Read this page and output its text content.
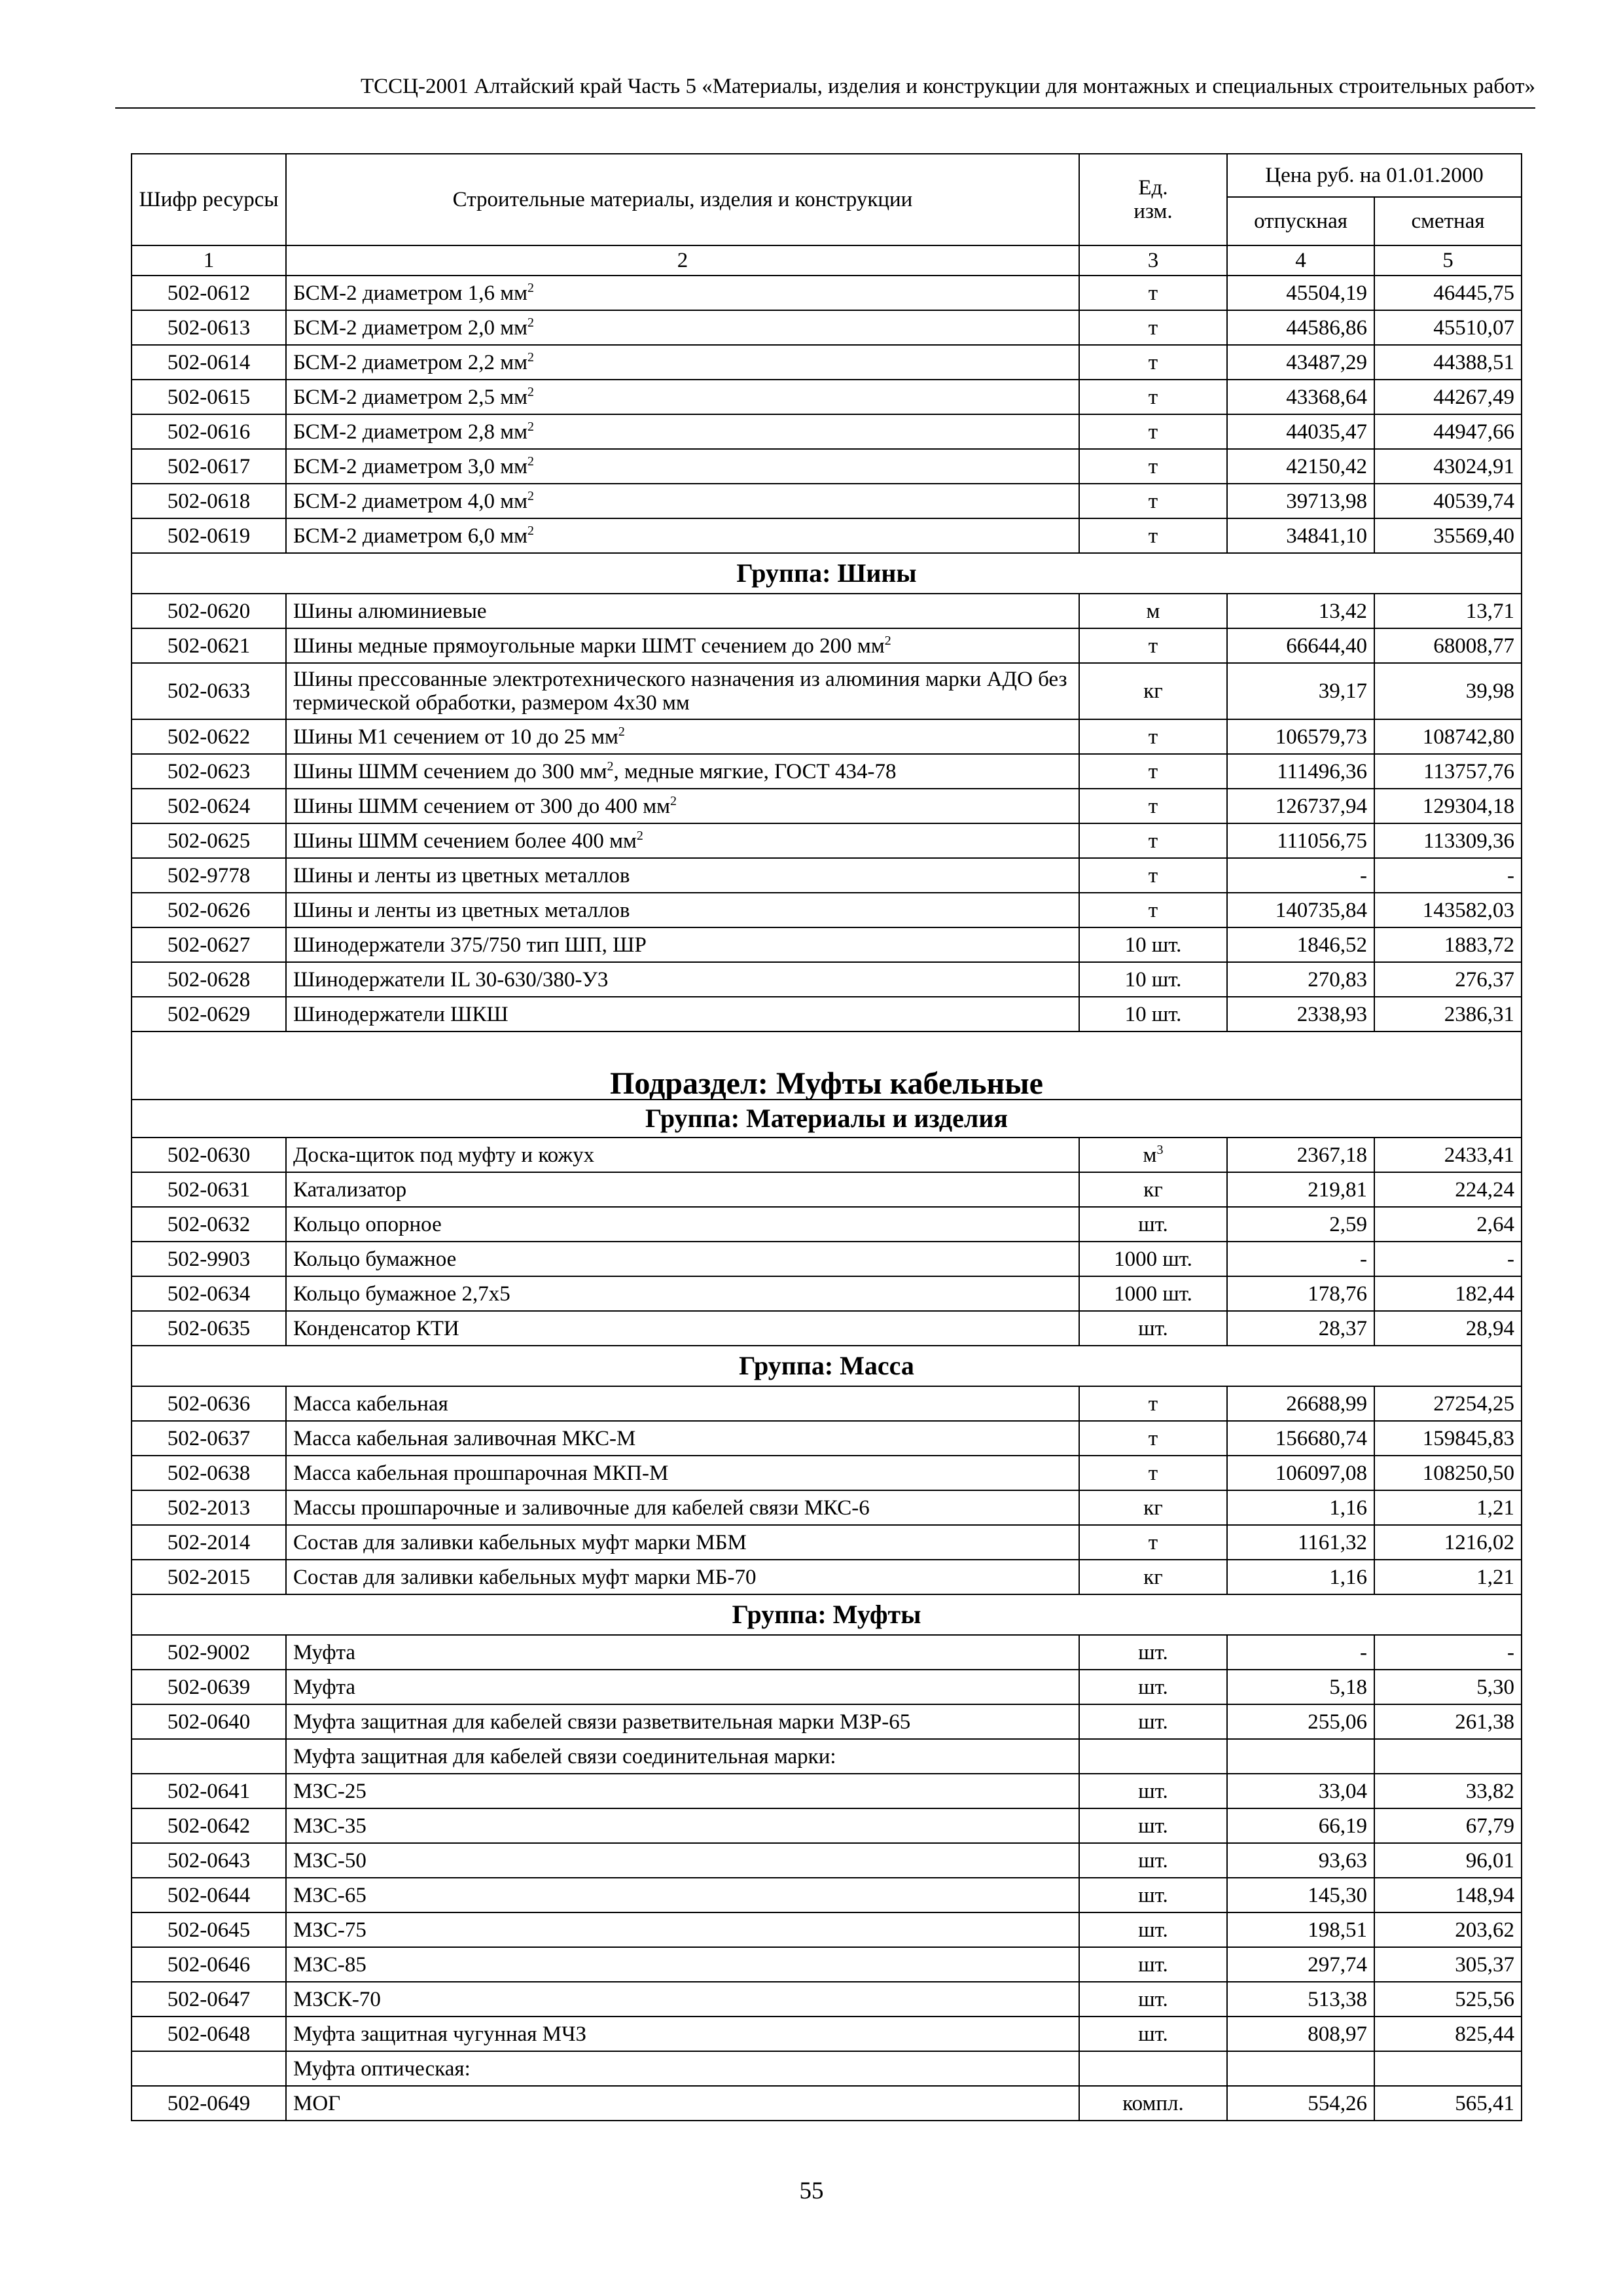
ТССЦ-2001 Алтайский край Часть 5 «Материалы, изделия и конструкции для монтажных и специальных строительных работ»
Шифр ресурсы	Строительные материалы, изделия и конструкции	Ед. изм.	Цена руб. на 01.01.2000	
			отпускная	сметная
1	2	3	4	5
502-0612	БСМ-2 диаметром 1,6 $мм^2$	т	45504,19	46445,75
502-0613	БСМ-2 диаметром 2,0 $мм^2$	т	44586,86	45510,07
502-0614	БСМ-2 диаметром 2,2 $мм^2$	т	43487,29	44388,51
502-0615	БСМ-2 диаметром 2,5 $мм^2$	т	43368,64	44267,49
502-0616	БСМ-2 диаметром 2,8 $мм^2$	т	44035,47	44947,66
502-0617	БСМ-2 диаметром 3,0 $мм^2$	т	42150,42	43024,91
502-0618	БСМ-2 диаметром 4,0 $мм^2$	т	39713,98	40539,74
502-0619	БСМ-2 диаметром 6,0 $мм^2$	т	34841,10	35569,40
Группа: Шины				
502-0620	Шины алюминиевые	м	13,42	13,71
502-0621	Шины медные прямоугольные марки ШМТ сечением до 200 $мм^2$	т	66644,40	68008,77
502-0633	Шины прессованные электротехнического назначения из алюминия марки АДО без термической обработки, размером 4х30 мм	кг	39,17	39,98
502-0622	Шины М1 сечением от 10 до 25 $мм^2$	т	106579,73	108742,80
502-0623	Шины ШММ сечением до 300 $мм^2$, медные мягкие, ГОСТ 434-78	т	111496,36	113757,76
502-0624	Шины ШММ сечением от 300 до 400 $мм^2$	т	126737,94	129304,18
502-0625	Шины ШММ сечением более 400 $мм^2$	т	111056,75	113309,36
502-9778	Шины и ленты из цветных металлов	т	-	-
502-0626	Шины и ленты из цветных металлов	т	140735,84	143582,03
502-0627	Шинодержатели 375/750 тип ШП, ШР	10 шт.	1846,52	1883,72
502-0628	Шинодержатели IL 30-630/380-У3	10 шт.	270,83	276,37
502-0629	Шинодержатели ШКШ	10 шт.	2338,93	2386,31
Подраздел: Муфты кабельные				
Группа: Материалы и изделия				
502-0630	Доска-щиток под муфту и кожух	$м^3$	2367,18	2433,41
502-0631	Катализатор	кг	219,81	224,24
502-0632	Кольцо опорное	шт.	2,59	2,64
502-9903	Кольцо бумажное	1000 шт.	-	-
502-0634	Кольцо бумажное 2,7х5	1000 шт.	178,76	182,44
502-0635	Конденсатор КТИ	шт.	28,37	28,94
Группа: Масса				
502-0636	Масса кабельная	т	26688,99	27254,25
502-0637	Масса кабельная заливочная МКС-М	т	156680,74	159845,83
502-0638	Масса кабельная прошпарочная МКП-М	т	106097,08	108250,50
502-2013	Массы прошпарочные и заливочные для кабелей связи МКС-6	кг	1,16	1,21
502-2014	Состав для заливки кабельных муфт марки МБМ	т	1161,32	1216,02
502-2015	Состав для заливки кабельных муфт марки МБ-70	кг	1,16	1,21
Группа: Муфты				
502-9002	Муфта	шт.	-	-
502-0639	Муфта	шт.	5,18	5,30
502-0640	Муфта защитная для кабелей связи разветвительная марки МЗР-65	шт.	255,06	261,38
	Муфта защитная для кабелей связи соединительная марки:			
502-0641	МЗС-25	шт.	33,04	33,82
502-0642	МЗС-35	шт.	66,19	67,79
502-0643	МЗС-50	шт.	93,63	96,01
502-0644	МЗС-65	шт.	145,30	148,94
502-0645	МЗС-75	шт.	198,51	203,62
502-0646	МЗС-85	шт.	297,74	305,37
502-0647	МЗСК-70	шт.	513,38	525,56
502-0648	Муфта защитная чугунная МЧЗ	шт.	808,97	825,44
	Муфта оптическая:			
502-0649	МОГ	компл.	554,26	565,41
55
